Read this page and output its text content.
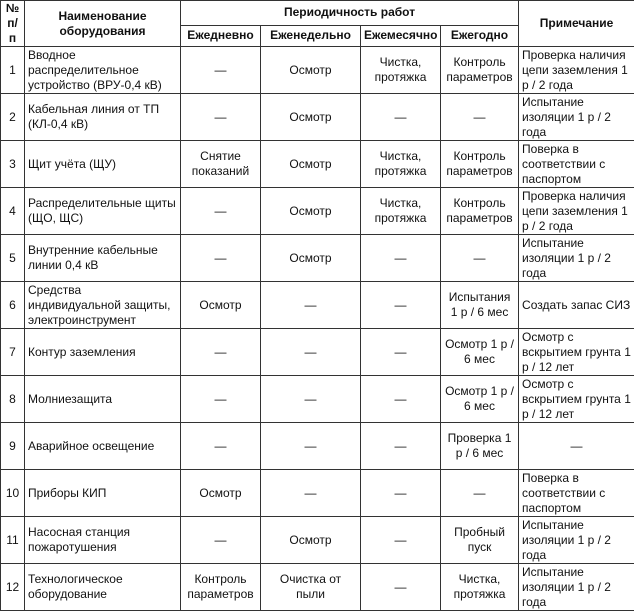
№ п/п	Наименование оборудования	Периодичность работ				Примечание
		Ежедневно	Еженедельно	Ежемесячно	Ежегодно	
1	Вводное распределительное устройство (ВРУ-0,4 кВ)	—	Осмотр	Чистка, протяжка	Контроль параметров	Проверка наличия цепи заземления 1 р / 2 года
2	Кабельная линия от ТП (КЛ-0,4 кВ)	—	Осмотр	—	—	Испытание изоляции 1 р / 2 года
3	Щит учёта (ЩУ)	Снятие показаний	Осмотр	Чистка, протяжка	Контроль параметров	Поверка в соответствии с паспортом
4	Распределительные щиты (ЩО, ЩС)	—	Осмотр	Чистка, протяжка	Контроль параметров	Проверка наличия цепи заземления 1 р / 2 года
5	Внутренние кабельные линии 0,4 кВ	—	Осмотр	—	—	Испытание изоляции 1 р / 2 года
6	Средства индивидуальной защиты, электроинструмент	Осмотр	—	—	Испытания 1 р / 6 мес	Создать запас СИЗ
7	Контур заземления	—	—	—	Осмотр 1 р / 6 мес	Осмотр с вскрытием грунта 1 р / 12 лет
8	Молниезащита	—	—	—	Осмотр 1 р / 6 мес	Осмотр с вскрытием грунта 1 р / 12 лет
9	Аварийное освещение	—	—	—	Проверка 1 р / 6 мес	—
10	Приборы КИП	Осмотр	—	—	—	Поверка в соответствии с паспортом
11	Насосная станция пожаротушения	—	Осмотр	—	Пробный пуск	Испытание изоляции 1 р / 2 года
12	Технологическое оборудование	Контроль параметров	Очистка от пыли	—	Чистка, протяжка	Испытание изоляции 1 р / 2 года
